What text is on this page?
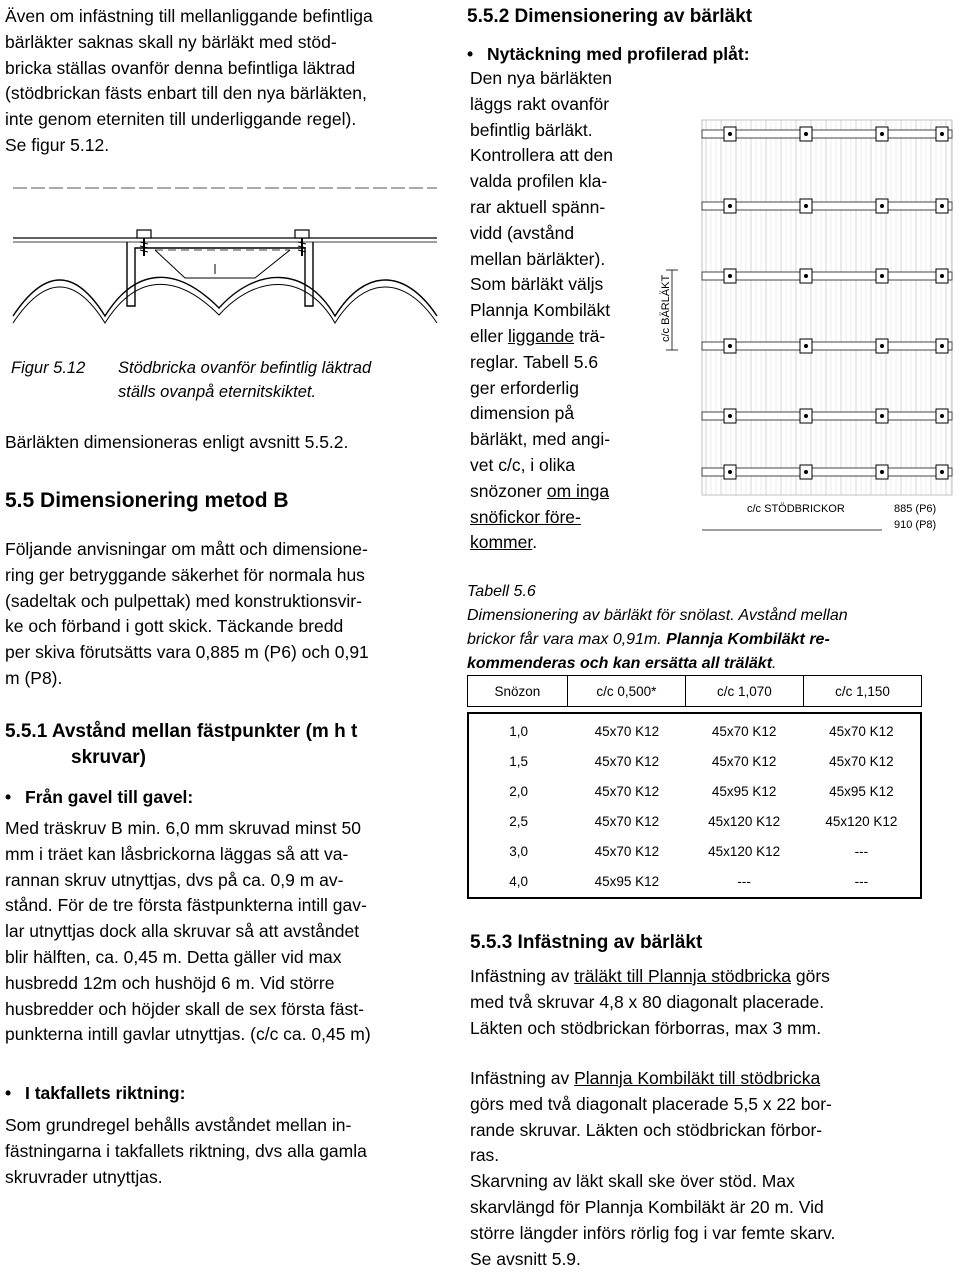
Även om infästning till mellanliggande befintliga

bärläkter saknas skall ny bärläkt med stöd-

bricka ställas ovanför denna befintliga läktrad

(stödbrickan fästs enbart till den nya bärläkten,

inte genom eterniten till underliggande regel).

Se figur 5.12.

Figur 5.12	Stödbricka ovanför befintlig läktrad
ställs ovanpå eternitskiktet.

Bärläkten dimensioneras enligt avsnitt 5.5.2.

5.5 Dimensionering metod B

Följande anvisningar om mått och dimensione-

ring ger betryggande säkerhet för normala hus

(sadeltak och pulpettak) med konstruktionsvir-

ke och förband i gott skick. Täckande bredd

per skiva förutsätts vara 0,885 m (P6) och 0,91

m (P8).

5.5.1 Avstånd mellan fästpunkter (m h t

skruvar)

• Från gavel till gavel:

Med träskruv B min. 6,0 mm skruvad minst 50

mm i träet kan låsbrickorna läggas så att va-

rannan skruv utnyttjas, dvs på ca. 0,9 m av-

stånd. För de tre första fästpunkterna intill gav-

lar utnyttjas dock alla skruvar så att avståndet

blir hälften, ca. 0,45 m. Detta gäller vid max

husbredd 12m och hushöjd 6 m. Vid större

husbredder och höjder skall de sex första fäst-

punkterna intill gavlar utnyttjas. (c/c ca. 0,45 m)

• I takfallets riktning:

Som grundregel behålls avståndet mellan in-

fästningarna i takfallets riktning, dvs alla gamla

skruvrader utnyttjas.

5.5.2 Dimensionering av bärläkt

• Nytäckning med profilerad plåt:

Den nya bärläkten

läggs rakt ovanför

befintlig bärläkt.

Kontrollera att den

valda profilen kla-

rar aktuell spänn-

vidd (avstånd

mellan bärläkter).

Som bärläkt väljs

Plannja Kombiläkt

eller liggande trä-

reglar. Tabell 5.6

ger erforderlig

dimension på

bärläkt, med angi-

vet c/c, i olika

snözoner om inga

snöfickor före-

kommer.

c/c BÄRLÄKT
c/c STÖDBRICKOR	885 (P6)
910 (P8)
Tabell 5.6
Dimensionering av bärläkt för snölast. Avstånd mellan
brickor får vara max 0,91m. Plannja Kombiläkt re-
kommenderas och kan ersätta all träläkt.
Snözon	c/c 0,500*	c/c 1,070	c/c 1,150
1,0	45x70 K12	45x70 K12	45x70 K12
1,5	45x70 K12	45x70 K12	45x70 K12
2,0	45x70 K12	45x95 K12	45x95 K12
2,5	45x70 K12	45x120 K12	45x120 K12
3,0	45x70 K12	45x120 K12	---
4,0	45x95 K12	---	---

5.5.3 Infästning av bärläkt

Infästning av träläkt till Plannja stödbricka görs

med två skruvar 4,8 x 80 diagonalt placerade.

Läkten och stödbrickan förborras, max 3 mm.

Infästning av Plannja Kombiläkt till stödbricka

görs med två diagonalt placerade 5,5 x 22 bor-

rande skruvar. Läkten och stödbrickan förbor-

ras.

Skarvning av läkt skall ske över stöd. Max

skarvlängd för Plannja Kombiläkt är 20 m. Vid

större längder införs rörlig fog i var femte skarv.

Se avsnitt 5.9.
